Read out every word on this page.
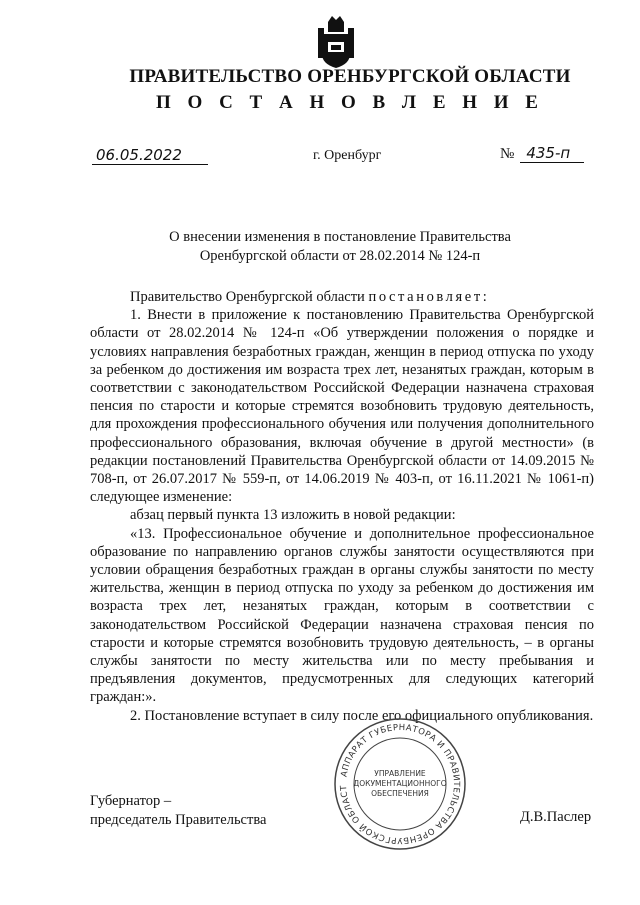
ПРАВИТЕЛЬСТВО ОРЕНБУРГСКОЙ ОБЛАСТИ
П О С Т А Н О В Л Е Н И Е
06.05.2022	г. Оренбург	№ 435-п
О внесении изменения в постановление Правительства
Оренбургской области от 28.02.2014 № 124-п

Правительство Оренбургской области постановляет:

1. Внести в приложение к постановлению Правительства Оренбургской области от 28.02.2014 № 124-п «Об утверждении положения о порядке и условиях направления безработных граждан, женщин в период отпуска по уходу за ребенком до достижения им возраста трех лет, незанятых граждан, которым в соответствии с законодательством Российской Федерации назначена страховая пенсия по старости и которые стремятся возобновить трудовую деятельность, для прохождения профессионального обучения или получения дополнительного профессионального образования, включая обучение в другой местности» (в редакции постановлений Правительства Оренбургской области от 14.09.2015 № 708-п, от 26.07.2017 № 559-п, от 14.06.2019 № 403-п, от 16.11.2021 № 1061-п) следующее изменение:

абзац первый пункта 13 изложить в новой редакции:

«13. Профессиональное обучение и дополнительное профессиональное образование по направлению органов службы занятости осуществляются при условии обращения безработных граждан в органы службы занятости по месту жительства, женщин в период отпуска по уходу за ребенком до достижения им возраста трех лет, незанятых граждан, которым в соответствии с законодательством Российской Федерации назначена страховая пенсия по старости и которые стремятся возобновить трудовую деятельность, – в органы службы занятости по месту жительства или по месту пребывания и предъявления документов, предусмотренных для следующих категорий граждан:».

2. Постановление вступает в силу после его официального опубликования.

Губернатор –
председатель Правительства
АППАРАТ ГУБЕРНАТОРА И ПРАВИТЕЛЬСТВА ОРЕНБУРГСКОЙ ОБЛАСТ
УПРАВЛЕНИЕ
ДОКУМЕНТАЦИОННОГО
ОБЕСПЕЧЕНИЯ
Д.В.Паслер
